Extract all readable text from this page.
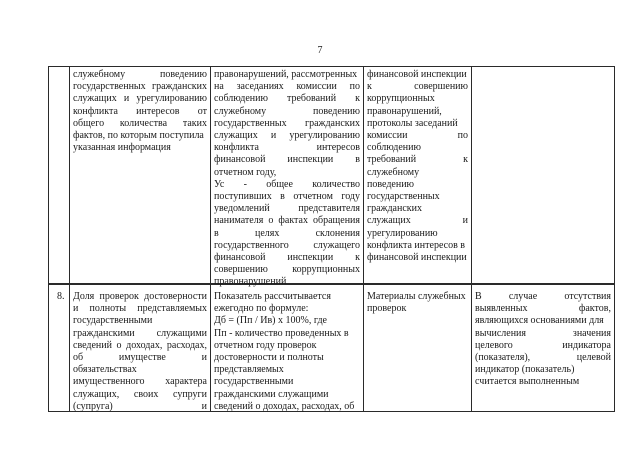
7
служебному поведению
государственных гражданских
служащих и урегулированию
конфликта интересов от
общего количества таких
фактов, по которым поступила
указанная информация
правонарушений, рассмотренных
на заседаниях комиссии по
соблюдению требований к
служебному поведению
государственных гражданских
служащих и урегулированию
конфликта интересов
финансовой инспекции в
отчетном году,
Ус - общее количество
поступивших в отчетном году
уведомлений представителя
нанимателя о фактах обращения
в целях склонения
государственного служащего
финансовой инспекции к
совершению коррупционных
правонарушений
финансовой инспекции
к совершению
коррупционных
правонарушений,
протоколы заседаний
комиссии по
соблюдению
требований к
служебному
поведению
государственных
гражданских
служащих и
урегулированию
конфликта интересов в
финансовой инспекции
8. Доля проверок достоверности
и полноты представляемых
государственными
гражданскими служащими
сведений о доходах, расходах,
об имуществе и
обязательствах
имущественного характера
служащих, своих супруги
(супруга) и
Показатель рассчитывается
ежегодно по формуле:
Дб = (Пп / Ив) x 100%, где
Пп - количество проведенных в
отчетном году проверок
достоверности и полноты
представляемых
государственными
гражданскими служащими
сведений о доходах, расходах, об
Материалы служебных
проверок
В случае отсутствия
выявленных фактов,
являющихся основаниями для
вычисления значения
целевого индикатора
(показателя), целевой
индикатор (показатель)
считается выполненным
